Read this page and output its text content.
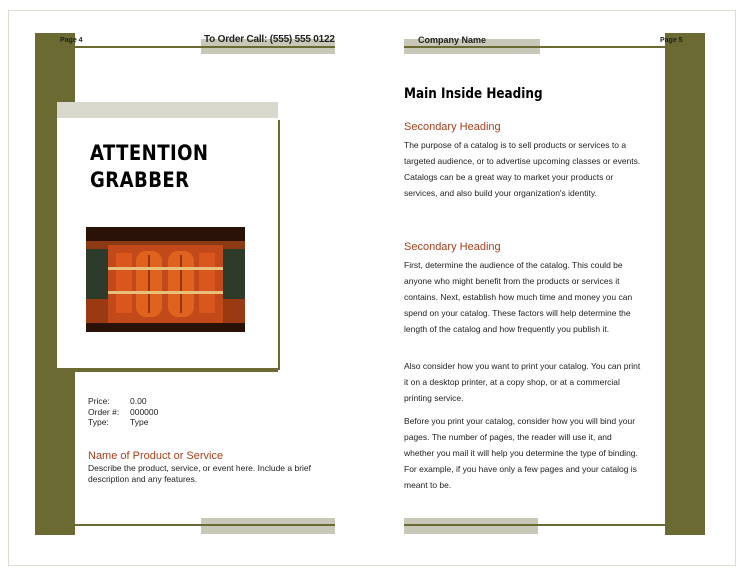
Page 4	To Order Call: (555) 555 0122
ATTENTION
GRABBER
Price:	0.00
Order #:	000000
Type:	Type
Name of Product or Service
Describe the product, service, or event here. Include a brief description and any features.
Company Name	Page 5
Main Inside Heading
Secondary Heading
The purpose of a catalog is to sell products or services to a targeted audience, or to advertise upcoming classes or events. Catalogs can be a great way to market your products or services, and also build your organization's identity.
Secondary Heading
First, determine the audience of the catalog. This could be anyone who might benefit from the products or services it contains. Next, establish how much time and money you can spend on your catalog. These factors will help determine the length of the catalog and how frequently you publish it.
Also consider how you want to print your catalog. You can print it on a desktop printer, at a copy shop, or at a commercial printing service.
Before you print your catalog, consider how you will bind your pages. The number of pages, the reader will use it, and whether you mail it will help you determine the type of binding. For example, if you have only a few pages and your catalog is meant to be.
